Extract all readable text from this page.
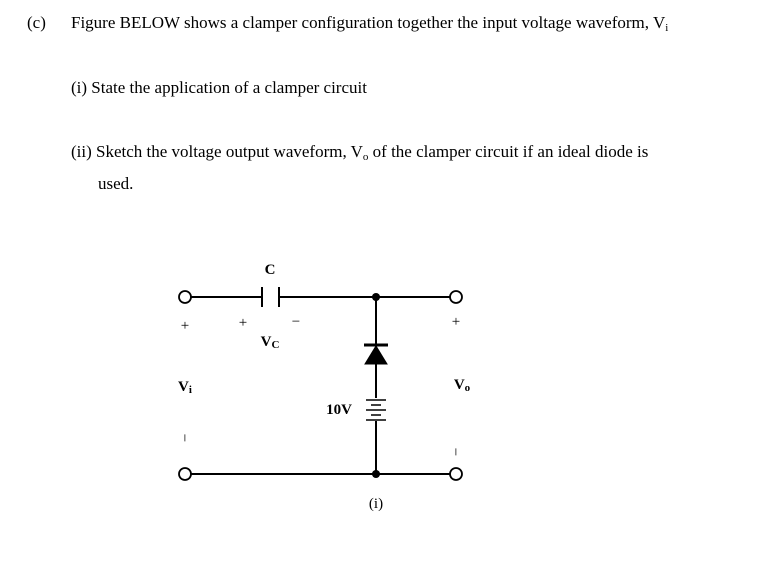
(c) Figure BELOW shows a clamper configuration together the input voltage waveform, $V_i$
(i) State the application of a clamper circuit
(ii) Sketch the voltage output waveform, $V_o$ of the clamper circuit if an ideal diode is
used.
C
+	−
VC
+
Vi
−
+
Vo
−
10V
(i)
